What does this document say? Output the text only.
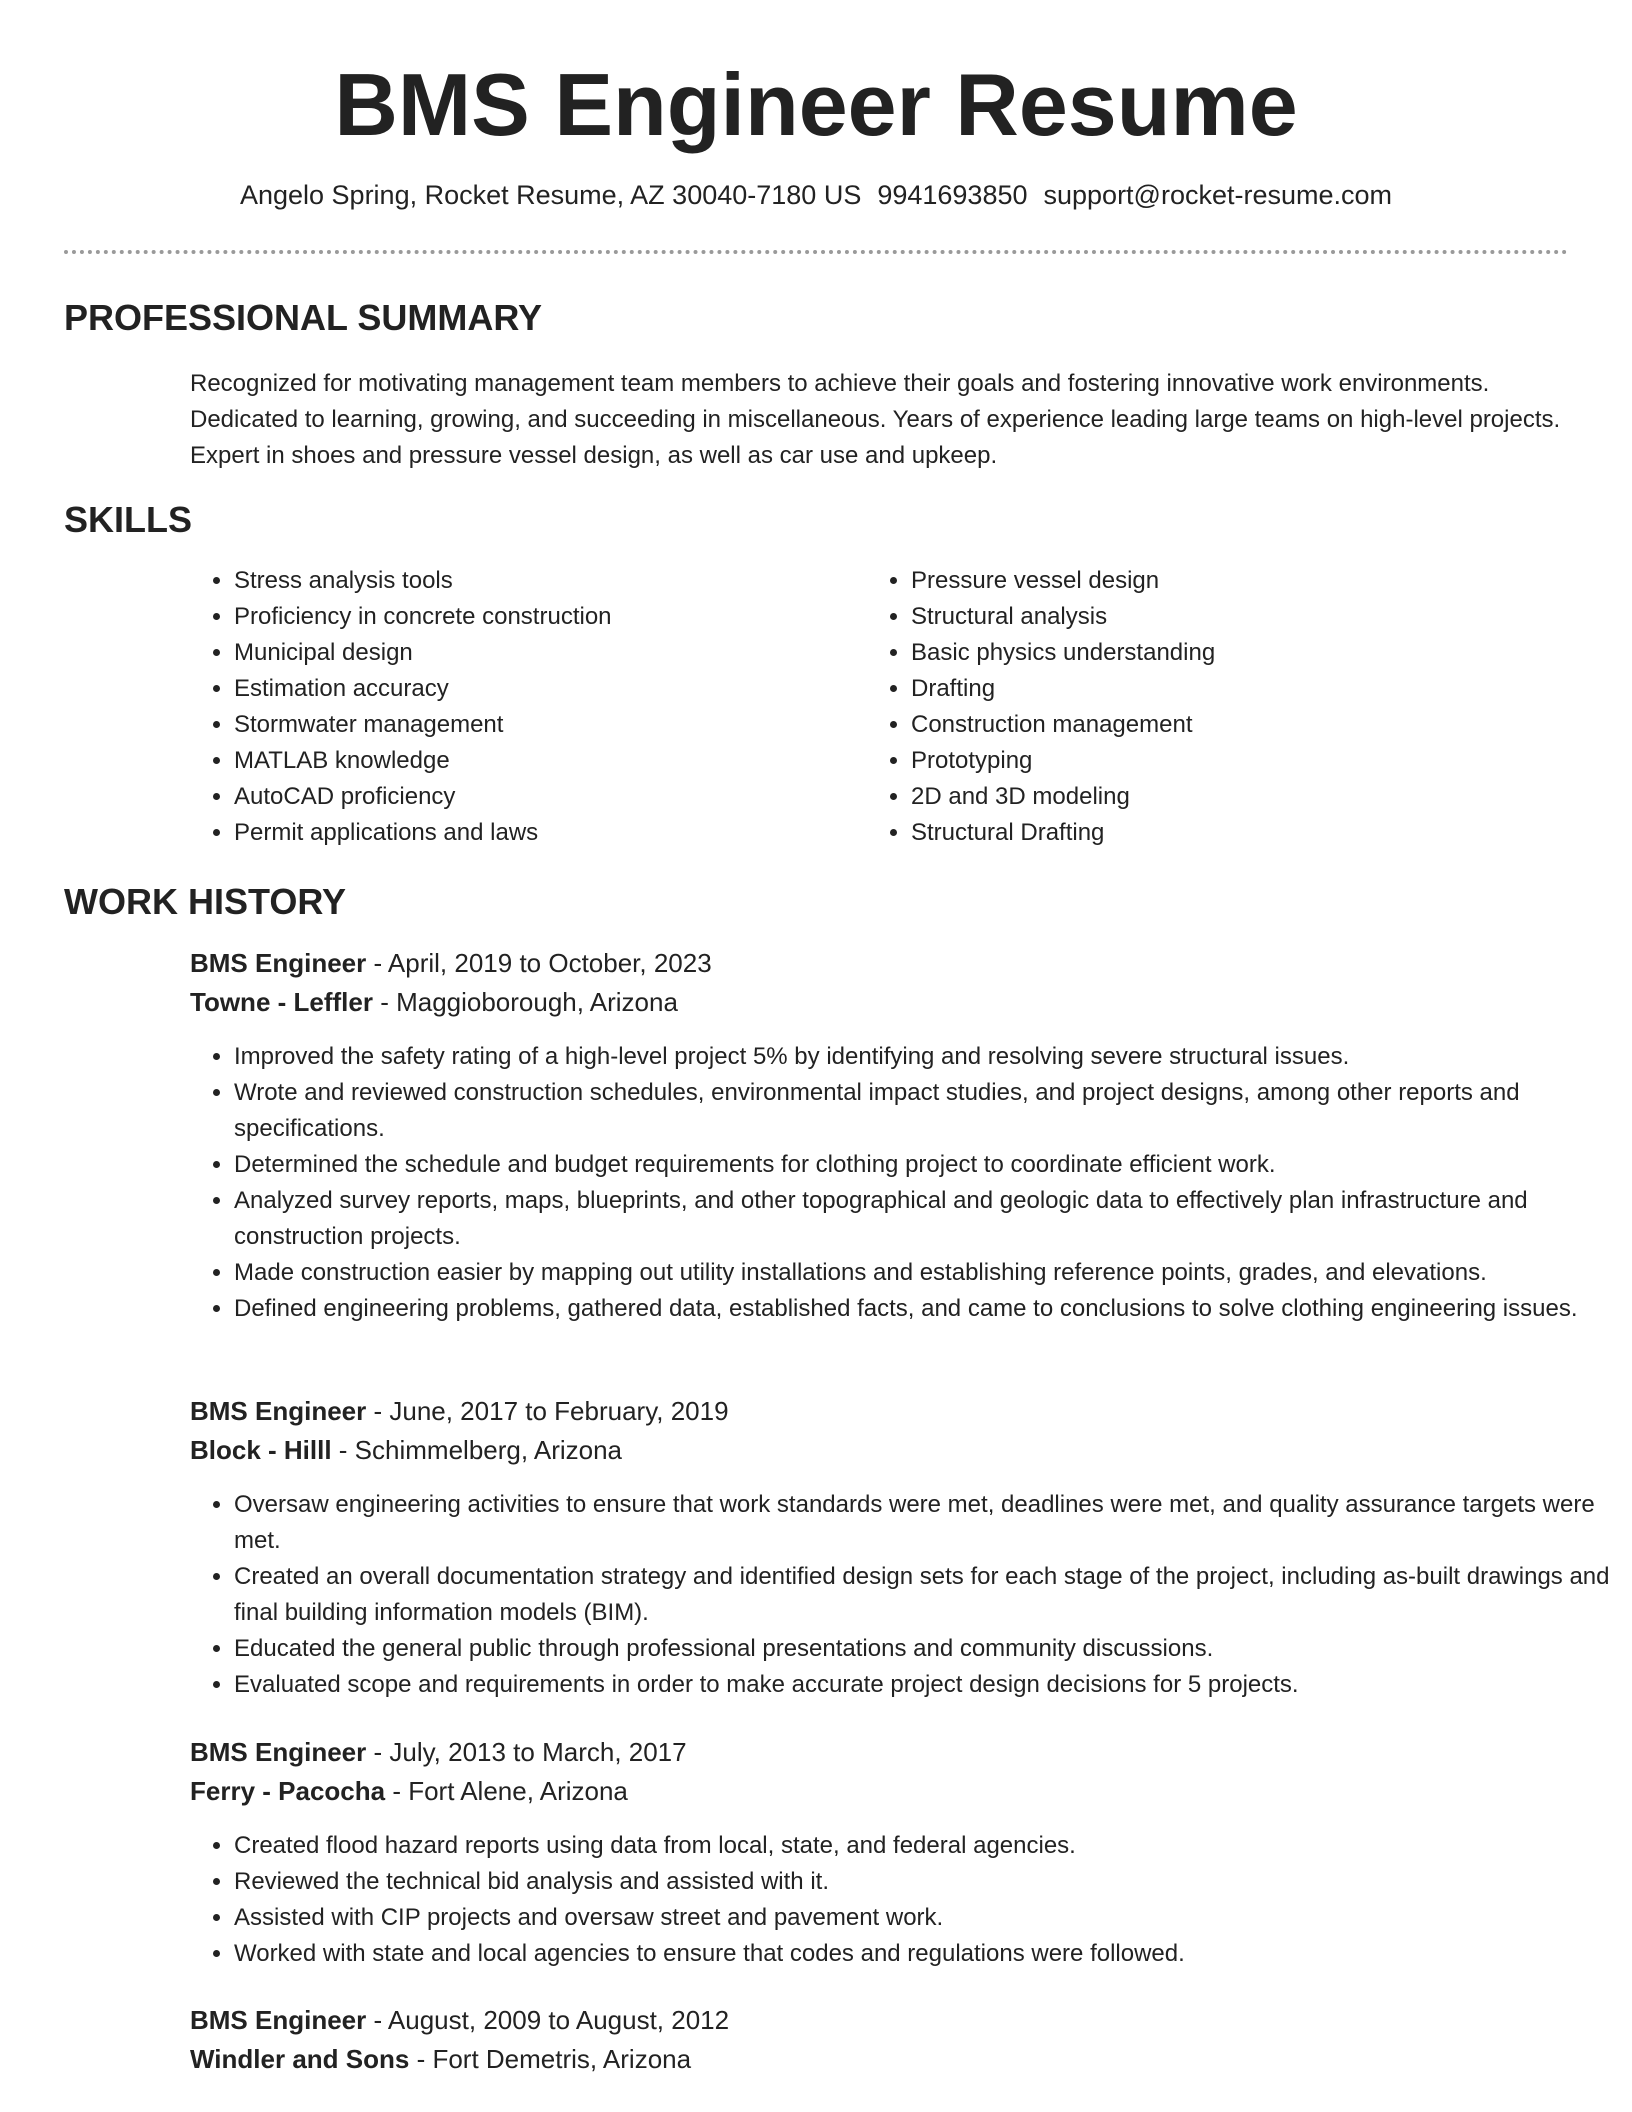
BMS Engineer Resume
Angelo Spring, Rocket Resume, AZ 30040-7180 US 9941693850 support@rocket-resume.com
PROFESSIONAL SUMMARY

Recognized for motivating management team members to achieve their goals and fostering innovative work environments. Dedicated to learning, growing, and succeeding in miscellaneous. Years of experience leading large teams on high-level projects. Expert in shoes and pressure vessel design, as well as car use and upkeep.

SKILLS
• Stress analysis tools
• Proficiency in concrete construction
• Municipal design
• Estimation accuracy
• Stormwater management
• MATLAB knowledge
• AutoCAD proficiency
• Permit applications and laws
• Pressure vessel design
• Structural analysis
• Basic physics understanding
• Drafting
• Construction management
• Prototyping
• 2D and 3D modeling
• Structural Drafting
WORK HISTORY
BMS Engineer - April, 2019 to October, 2023
Towne - Leffler - Maggioborough, Arizona
• Improved the safety rating of a high-level project 5% by identifying and resolving severe structural issues.
• Wrote and reviewed construction schedules, environmental impact studies, and project designs, among other reports and specifications.
• Determined the schedule and budget requirements for clothing project to coordinate efficient work.
• Analyzed survey reports, maps, blueprints, and other topographical and geologic data to effectively plan infrastructure and construction projects.
• Made construction easier by mapping out utility installations and establishing reference points, grades, and elevations.
• Defined engineering problems, gathered data, established facts, and came to conclusions to solve clothing engineering issues.
BMS Engineer - June, 2017 to February, 2019
Block - Hilll - Schimmelberg, Arizona
• Oversaw engineering activities to ensure that work standards were met, deadlines were met, and quality assurance targets were met.
• Created an overall documentation strategy and identified design sets for each stage of the project, including as-built drawings and final building information models (BIM).
• Educated the general public through professional presentations and community discussions.
• Evaluated scope and requirements in order to make accurate project design decisions for 5 projects.
BMS Engineer - July, 2013 to March, 2017
Ferry - Pacocha - Fort Alene, Arizona
• Created flood hazard reports using data from local, state, and federal agencies.
• Reviewed the technical bid analysis and assisted with it.
• Assisted with CIP projects and oversaw street and pavement work.
• Worked with state and local agencies to ensure that codes and regulations were followed.
BMS Engineer - August, 2009 to August, 2012
Windler and Sons - Fort Demetris, Arizona
